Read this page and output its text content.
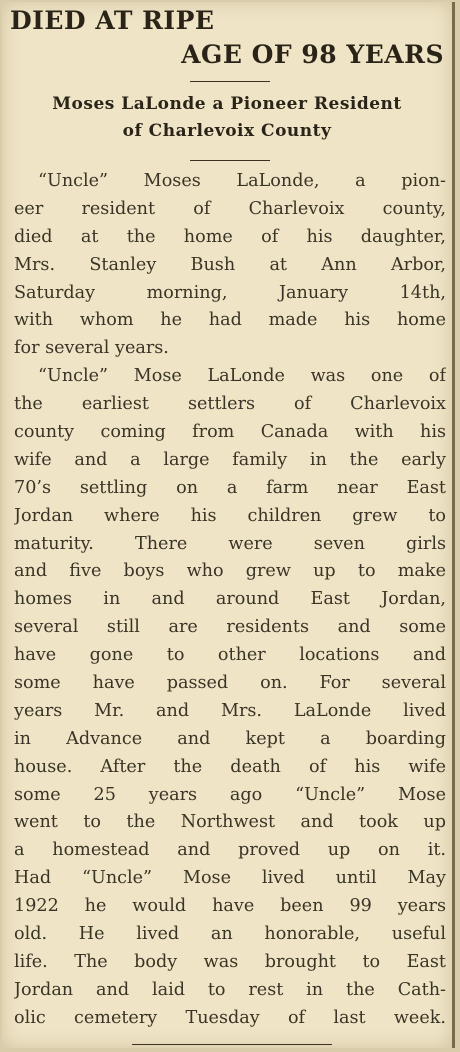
DIED AT RIPE
AGE OF 98 YEARS
Moses LaLonde a Pioneer Resident
of Charlevoix County
“Uncle” Moses LaLonde, a pion-
eer resident of Charlevoix county,
died at the home of his daughter,
Mrs. Stanley Bush at Ann Arbor,
Saturday morning, January 14th,
with whom he had made his home
for several years.
“Uncle” Mose LaLonde was one of
the earliest settlers of Charlevoix
county coming from Canada with his
wife and a large family in the early
70’s settling on a farm near East
Jordan where his children grew to
maturity. There were seven girls
and five boys who grew up to make
homes in and around East Jordan,
several still are residents and some
have gone to other locations and
some have passed on. For several
years Mr. and Mrs. LaLonde lived
in Advance and kept a boarding
house. After the death of his wife
some 25 years ago “Uncle” Mose
went to the Northwest and took up
a homestead and proved up on it.
Had “Uncle” Mose lived until May
1922 he would have been 99 years
old. He lived an honorable, useful
life. The body was brought to East
Jordan and laid to rest in the Cath-
olic cemetery Tuesday of last week.
